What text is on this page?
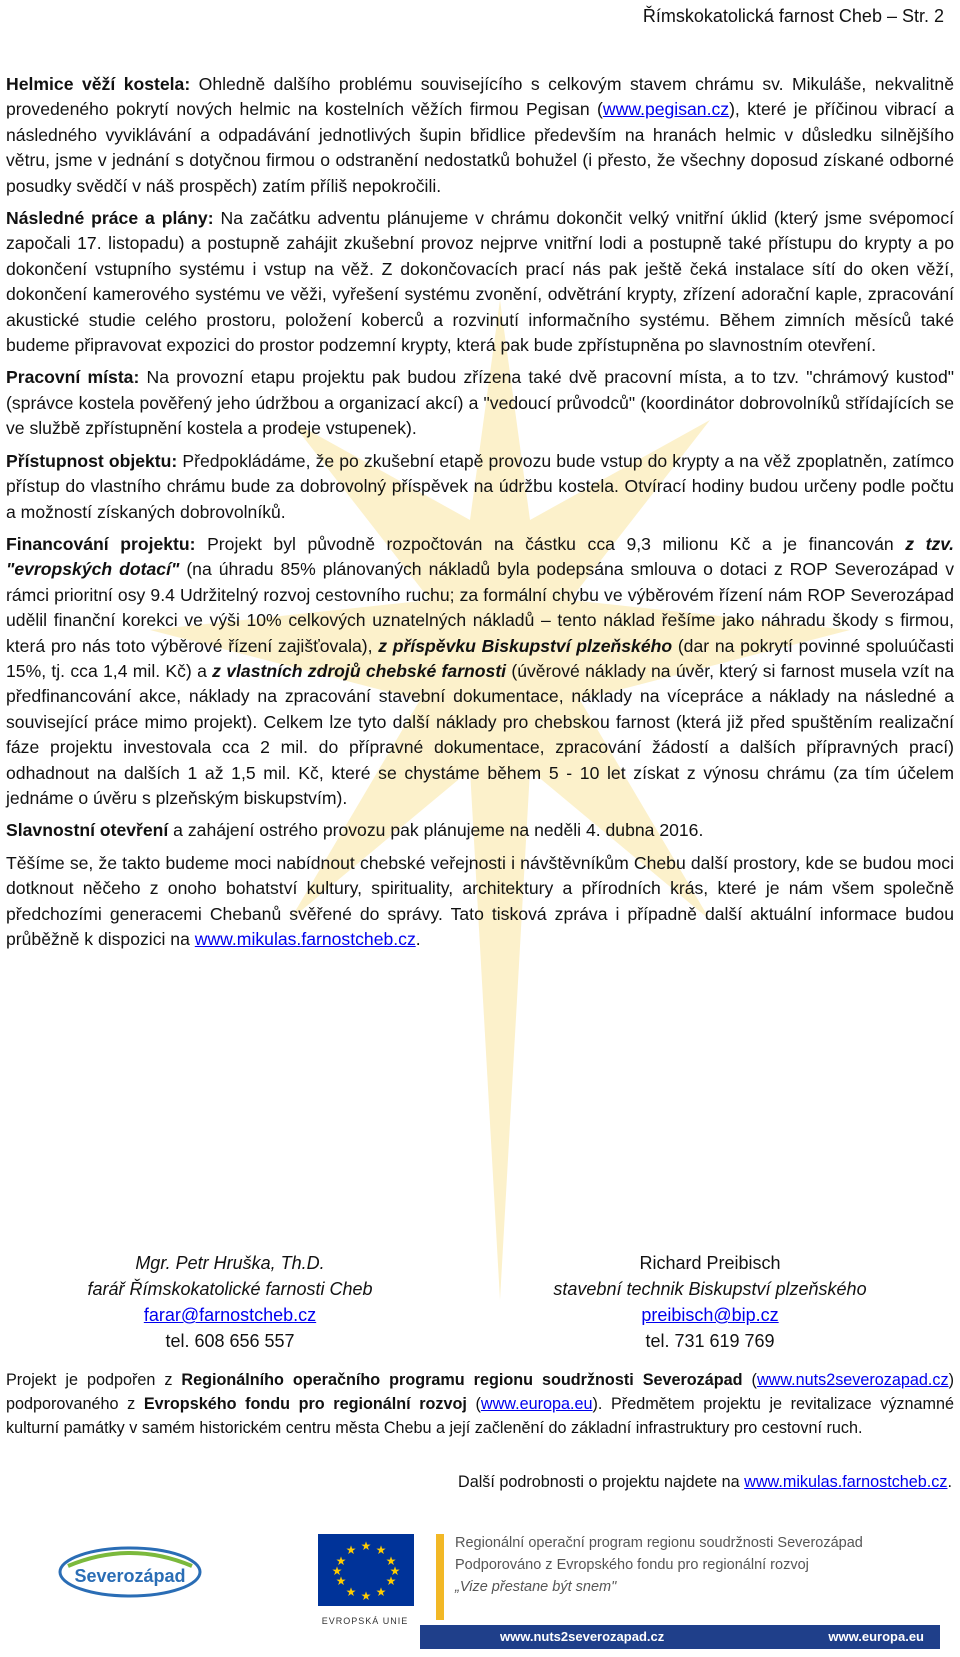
Římskokatolická farnost Cheb – Str. 2

Helmice věží kostela: Ohledně dalšího problému souvisejícího s celkovým stavem chrámu sv. Mikuláše, nekvalitně provedeného pokrytí nových helmic na kostelních věžích firmou Pegisan (www.pegisan.cz), které je příčinou vibrací a následného vyviklávání a odpadávání jednotlivých šupin břidlice především na hranách helmic v důsledku silnějšího větru, jsme v jednání s dotyčnou firmou o odstranění nedostatků bohužel (i přesto, že všechny doposud získané odborné posudky svědčí v náš prospěch) zatím příliš nepokročili.

Následné práce a plány: Na začátku adventu plánujeme v chrámu dokončit velký vnitřní úklid (který jsme svépomocí započali 17. listopadu) a postupně zahájit zkušební provoz nejprve vnitřní lodi a postupně také přístupu do krypty a po dokončení vstupního systému i vstup na věž. Z dokončovacích prací nás pak ještě čeká instalace sítí do oken věží, dokončení kamerového systému ve věži, vyřešení systému zvonění, odvětrání krypty, zřízení adorační kaple, zpracování akustické studie celého prostoru, položení koberců a rozvinutí informačního systému. Během zimních měsíců také budeme připravovat expozici do prostor podzemní krypty, která pak bude zpřístupněna po slavnostním otevření.

Pracovní místa: Na provozní etapu projektu pak budou zřízena také dvě pracovní místa, a to tzv. "chrámový kustod" (správce kostela pověřený jeho údržbou a organizací akcí) a "vedoucí průvodců" (koordinátor dobrovolníků střídajících se ve službě zpřístupnění kostela a prodeje vstupenek).

Přístupnost objektu: Předpokládáme, že po zkušební etapě provozu bude vstup do krypty a na věž zpoplatněn, zatímco přístup do vlastního chrámu bude za dobrovolný příspěvek na údržbu kostela. Otvírací hodiny budou určeny podle počtu a možností získaných dobrovolníků.

Financování projektu: Projekt byl původně rozpočtován na částku cca 9,3 milionu Kč a je financován z tzv. "evropských dotací" (na úhradu 85% plánovaných nákladů byla podepsána smlouva o dotaci z ROP Severozápad v rámci prioritní osy 9.4 Udržitelný rozvoj cestovního ruchu; za formální chybu ve výběrovém řízení nám ROP Severozápad udělil finanční korekci ve výši 10% celkových uznatelných nákladů – tento náklad řešíme jako náhradu škody s firmou, která pro nás toto výběrové řízení zajišťovala), z příspěvku Biskupství plzeňského (dar na pokrytí povinné spoluúčasti 15%, tj. cca 1,4 mil. Kč) a z vlastních zdrojů chebské farnosti (úvěrové náklady na úvěr, který si farnost musela vzít na předfinancování akce, náklady na zpracování stavební dokumentace, náklady na vícepráce a náklady na následné a související práce mimo projekt). Celkem lze tyto další náklady pro chebskou farnost (která již před spuštěním realizační fáze projektu investovala cca 2 mil. do přípravné dokumentace, zpracování žádostí a dalších přípravných prací) odhadnout na dalších 1 až 1,5 mil. Kč, které se chystáme během 5 - 10 let získat z výnosu chrámu (za tím účelem jednáme o úvěru s plzeňským biskupstvím).

Slavnostní otevření a zahájení ostrého provozu pak plánujeme na neděli 4. dubna 2016.

Těšíme se, že takto budeme moci nabídnout chebské veřejnosti i návštěvníkům Chebu další prostory, kde se budou moci dotknout něčeho z onoho bohatství kultury, spirituality, architektury a přírodních krás, které je nám všem společně předchozími generacemi Chebanů svěřené do správy. Tato tisková zpráva i případně další aktuální informace budou průběžně k dispozici na www.mikulas.farnostcheb.cz.

Mgr. Petr Hruška, Th.D.
farář Římskokatolické farnosti Cheb
farar@farnostcheb.cz
tel. 608 656 557
Richard Preibisch
stavební technik Biskupství plzeňského
preibisch@bip.cz
tel. 731 619 769

Projekt je podpořen z Regionálního operačního programu regionu soudržnosti Severozápad (www.nuts2severozapad.cz) podporovaného z Evropského fondu pro regionální rozvoj (www.europa.eu). Předmětem projektu je revitalizace významné kulturní památky v samém historickém centru města Chebu a její začlenění do základní infrastruktury pro cestovní ruch.

Další podrobnosti o projektu najdete na www.mikulas.farnostcheb.cz.
Severozápad
★ ★
★
★
★
★
★
★
★
★
★
★
EVROPSKÁ UNIE
Regionální operační program regionu soudržnosti Severozápad
Podporováno z Evropského fondu pro regionální rozvoj
„Vize přestane být snem"
www.nuts2severozapad.cz	www.europa.eu
